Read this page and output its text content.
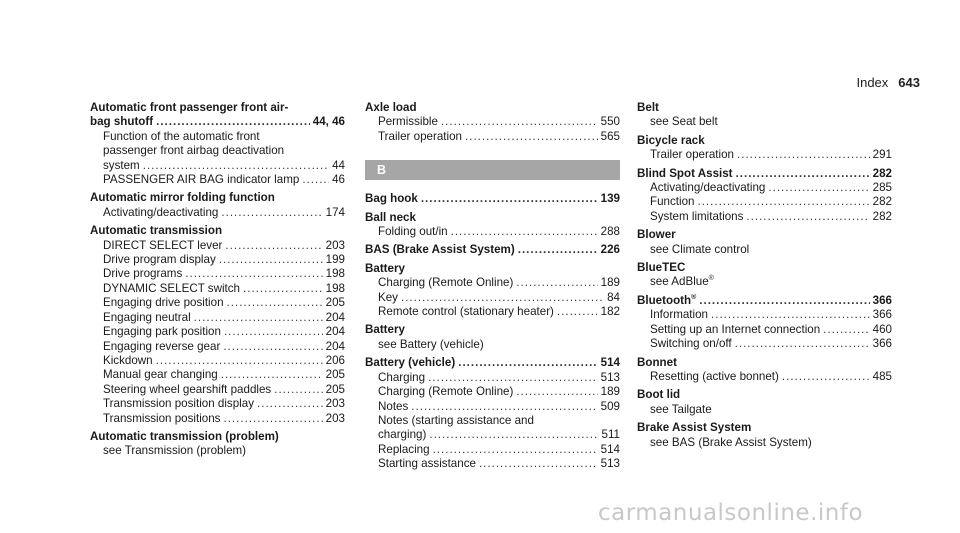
Index 643
Automatic front passenger front air-
bag shutoff .....	44, 46
Function of the automatic front
passenger front airbag deactivation
system .....	44
PASSENGER AIR BAG indicator lamp .....	46
Automatic mirror folding function
Activating/deactivating .....	174
Automatic transmission
DIRECT SELECT lever .....	203
Drive program display .....	199
Drive programs .....	198
DYNAMIC SELECT switch .....	198
Engaging drive position .....	205
Engaging neutral .....	204
Engaging park position .....	204
Engaging reverse gear .....	204
Kickdown .....	206
Manual gear changing .....	205
Steering wheel gearshift paddles .....	205
Transmission position display .....	203
Transmission positions .....	203
Automatic transmission (problem)
see Transmission (problem)
Axle load
Permissible .....	550
Trailer operation .....	565
B
Bag hook .....	139
Ball neck
Folding out/in .....	288
BAS (Brake Assist System) .....	226
Battery
Charging (Remote Online) .....	189
Key .....	84
Remote control (stationary heater) .....	182
Battery
see Battery (vehicle)
Battery (vehicle) .....	514
Charging .....	513
Charging (Remote Online) .....	189
Notes .....	509
Notes (starting assistance and
charging) .....	511
Replacing .....	514
Starting assistance .....	513
Belt
see Seat belt
Bicycle rack
Trailer operation .....	291
Blind Spot Assist .....	282
Activating/deactivating .....	285
Function .....	282
System limitations .....	282
Blower
see Climate control
BlueTEC
see AdBlue®
Bluetooth® .....	366
Information .....	366
Setting up an Internet connection .....	460
Switching on/off .....	366
Bonnet
Resetting (active bonnet) .....	485
Boot lid
see Tailgate
Brake Assist System
see BAS (Brake Assist System)
carmanualsonline.info
